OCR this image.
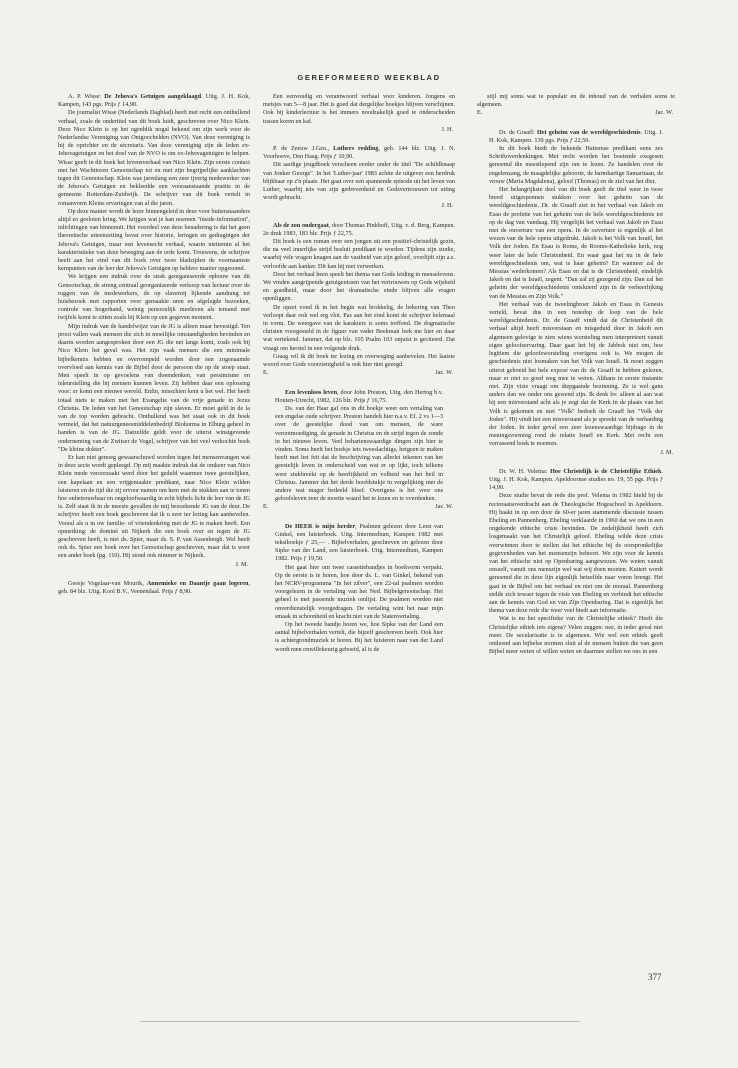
GEREFORMEERD WEEKBLAD

A. P. Wisse: De Jehova's Getuigen aangeklaagd. Uitg. J. H. Kok, Kampen, 143 pgs. Prijs ƒ 14,90.

De journalist Wisse (Nederlands Dagblad) heeft met recht een onthullend verhaal, zoals de ondertitel van dit boek luidt, geschreven over Nico Klein. Deze Nico Klein is op het ogenblik nogal bekend om zijn werk voor de Nederlandse Vereniging van Ontgoochelden (NVO). Van deze vereniging is hij de oprichter en de secretaris. Van deze vereniging zijn de leden ex-Jehovagetuigen en het doel van de NVO is om ex-Jehovagetuigen te helpen. Wisse geeft in dit boek het levensverhaal van Nico Klein. Zijn eerste contact met het Wachttoren Genootschap tot en met zijn begrijpelijke aanklachten tegen dit Genootschap. Klein was jarenlang een zeer ijverig medewerker van de Jehova's Getuigen en bekleedde een vooraanstaande positie in de gemeente Rotterdam-Zuidwijk. De schrijver van dit boek vertelt in romanvorm Kleins ervaringen van al die jaren.

Op deze manier wordt de lezer binnengeleid in deze voor buitenstaanders altijd zo gesloten kring. We krijgen wat je kan noemen "inside-information", inlichtingen van binnenuit. Het voordeel van deze benadering is dat het geen theoretische uiteenzetting bevat over historie, leringen en gedragingen der Jehova's Getuigen, maar een levensecht verhaal, waarin niettemin al het karakteristieke van deze beweging aan de orde komt. Trouwens, de schrijver heeft aan het eind van dit boek over twee bladzijden de voornaamste kernpunten van de leer der Jehova's Getuigen op heldere manier opgesomd.

We krijgen een indruk over de strak georganiseerde opbouw van dit Genootschap, de streng centraal georganiseerde verkoop van lectuur over de ruggen van de medewerkers, de op slavernij lijkende aandrang tot huisbezoek met rapporten over gemaakte uren en afgelegde bezoeken, controle van hogerhand, weinig persoonlijk meeleven als iemand met twijfels komt te zitten zoals bij Klein op een gegeven moment.

Mijn indruk van de handelwijze van de JG is alleen maar bevestigd. Ten prooi vallen vaak mensen die zich in moeilijke omstandigheden bevinden en daarin worden aangesproken door een JG die net langs komt, zoals ook bij Nico Klein het geval was. Het zijn vaak mensen die een minimale bijbelkennis hebben en overrompeld worden door een zogenaamde overvloed aan kennis van de Bijbel door de persoon die op de stoep staat. Men speelt in op gevoelens van doemdenken, van pessimisme en teleurstelling die bij mensen kunnen leven. Zij hebben daar een oplossing voor: er komt een nieuwe wereld. Enfin, misschien kent u het wel. Het heeft totaal niets te maken met het Evangelie van de vrije genade in Jezus Christus. De leden van het Genootschap zijn slaven. Er moet geld in de la van de top worden gebracht. Onthullend was het staat ook in dit boek vermeld, dat het natuurgeneesmiddelenbedrijf Biohorma in Elburg geheel in handen is van de JG. Datzelfde geldt voor de uiterst winstgevende onderneming van de Zwitser de Vogel, schrijver van het veel verkochte boek "De kleine dokter".

Er kan niet genoeg gewaarschuwd worden tegen het mensenvangen wat in deze secte wordt gepleegd. Op mij maakte indruk dat de omkeer van Nico Klein mede veroorzaakt werd door het geduld waarmee twee geestelijken, een kapelaan en een vrijgemaakte predikant, naar Nico Klein wilden luisteren en de tijd die zij ervoor namen om hem met de stukken aan te tonen hoe onbetrouwbaar en ongeloofwaardig in echt bijbels licht de leer van de JG is. Zelf staat ik in de meeste gevallen de mij bezoekende JG van de deur. De schrijver heeft een boek geschreven dat ik u zeer ter lezing kan aanbevelen. Vooral als u in uw familie- of vriendenkring met de JG te maken heeft. Een opmerking: de dominé uit Nijkerk die een boek over en tegen de JG geschreven heeft, is niet ds. Spier, maar ds. S. P. van Assenbergh. Wel heeft ook ds. Spier een boek over het Genootschap geschreven, maar dat is weer een ander boek (pg. 110). Hij stond ook nimmer te Nijkerk.

J. M.

Geesje Vogelaar-van Mourik, Annemieke en Daantje gaan logeren, geb. 84 blz. Uitg. Kool B.V., Veenendaal. Prijs ƒ 8,90.

Een eenvoudig en verantwoord verhaal voor kinderen. Jongens en meisjes van 5—8 jaar. Het is goed dat dergelijke boekjes blijven verschijnen. Ook bij kinderlectuur is het immers noodzakelijk goed te onderscheiden tussen koren en kaf.

J. H.

P. de Zeeuw J.Gzn., Luthers redding, geb. 144 blz. Uitg. J. N. Voorhoeve, Den Haag. Prijs ƒ 10,90.

Dit aardige jeugdboek verscheen eerder onder de titel "De schildknaap van Jonker George". In het 'Luther-jaar' 1983 achtte de uitgever een herdruk blijkbaar op z'n plaats. Het gaat over een spannende episode uit het leven van Luther, waarbij iets van zijn gedrevenheid en Godsvertrouwen tot uiting wordt gebracht.

J. H.

Als de zon ondergaat, door Thomas Pinkhoff, Uitg. v. d. Berg, Kampen. 2e druk 1983, 183 blz. Prijs ƒ 22,75.

Dit boek is een roman over een jongen uit een positief-christelijk gezin, die na veel innerlijke strijd besluit predikant te worden. Tijdens zijn studie, waarbij vele vragen knagen aan de vastheid van zijn geloof, overlijdt zijn a.s. verloofde aan kanker. Dit kan hij niet verwerken.

Door het verhaal heen speelt het thema van Gods leiding in menselevens. We vinden aangrijpende getuigenissen van het vertrouwen op Gods wijsheid en goedheid, maar door het dramatische einde blijven alle vragen openliggen.

De opzet vond ik in het begin wat brokkelig, de bekering van Theo verloopt daar ook wel erg vlot. Pas aan het eind komt de schrijver helemaal in vorm. De weergave van de karakters is soms treffend. De dogmatische christen voorgesteld in de figuur van vader Beekman leek me hier en daar wat vertekend. Jammer, dat op blz. 105 Psalm 103 onjuist is geciteerd. Dat vraagt om herstel in een volgende druk.

Graag wil ik dit boek ter lezing en overweging aanbevelen. Het laatste woord over Gods voorzienigheid is ook hier niet gezegd.

E.	Jac. W.

Een levenloos leven, door John Preston, Uitg. den Hertog b.v. Houten-Utrecht, 1982, 126 blz. Prijs ƒ 16,75.

Ds. van der Haar gaf ons in dit boekje weer een vertaling van een engelse oude schrijver. Preston handelt hier n.a.v. Ef. 2 vs 1—3 over de geestelijke dood van om mensen, de ware verootmoediging, de genade in Christus en de strijd tegen de zonde in het nieuwe leven. Veel behartenswaardige dingen zijn hier te vinden. Soms heeft het boekje iets tweeslachtigs, hetgeen te maken heeft met het feit dat de beschrijving van allerlei tekenen van het geestelijk leven in onderscheid van wat er op lijkt, toch telkens weer stukbreekt op de heerlijkheid en volheid van het heil in Christus. Jammer dat het derde hoofdstukje in vergelijking met de andere wat mager bedeeld bleef. Overigens is het voor ons geloofsleven zeer de moeite waard het te lezen en te overdenken.

E.	Jac. W.

De HEER is mijn herder, Psalmen gelezen door Leen van Ginkel, een luisterboek. Uitg. Intermedium, Kampen 1982 met tekstboekje ƒ 25,— . Bijbelverhalen, geschreven en gelezen door Sipke van der Land, een luisterboek. Uitg. Intermedium, Kampen 1982. Prijs ƒ 19,50.

Het gaat hier om twee cassettebandjes in boekvorm verpakt. Op de eerste is te horen, hoe door ds. L. van Ginkel, bekend van het NCRV-programma "In het zilver", een 22-tal psalmen worden voorgelezen in de vertaling van het Ned. Bijbelgenootschap. Het geheel is met passende muziek omlijst. De psalmen worden niet onverdienstelijk voorgedragen. De vertaling wint het naar mijn smaak in schoonheid en kracht niet van de Statenvertaling.

Op het tweede bandje horen we, hoe Sipke van der Land een aantal bijbelverhalen vertelt, die hijzelf geschreven heeft. Ook hier is achtergrondmuziek te horen. Bij het luisteren naar van der Land wordt men onwillekeurig geboeid, al is de

stijl mij soms wat te populair en de inhoud van de verhalen soms te algemeen.

E.	Jac. W.

Dr. de Graaff: Het geheim van de wereldgeschiedenis. Uitg. J. H. Kok, Kampen. 139 pgs. Prijs ƒ 22,50.

In dit boek biedt de bekende Hattemse predikant eens zes Schriftoverdenkingen. Met recht worden het boeiende exegesen genoemd die meestlepend zijn om te lezen. Ze handelen over de engelenzang, de maagdelijke geboorte, de barmhartige Samaritaan, de vrouw (Maria Magdalena), geloof (Thomas) en de ziel van het dier.

Het belangrijkste deel van dit boek geeft de titel weer in twee breed uitgesponnen stukken over het geheim van de wereldgeschiedenis. Dr. de Graaff ziet in het verhaal van Jakob en Esau de profetie van het geheim van de hele wereldgeschiedenis tot op de dag van vandaag. Hij vergelijkt het verhaal van Jakob en Esau met de ouverture van een opera. In de ouverture is eigenlijk al het wezen van de hele opera uitgedrukt. Jakob is het Volk van Israël, het Volk der Joden. En Esau is Rome, de Rooms-Katholieke kerk, nog weer later de hele Christenheid. En waar gaat het nu in de hele wereldgeschiedenis om, wat is haar geheim? En wanneer zal de Messias wederkomen? Als Esau en dat is de Christenheid, eindelijk Jakob en dat is Israël, zegent. "Dan zal zij gezegend zijn. Dan zal het geheim der wereldgeschiedenis ontsluierd zijn in de verheerlijking van de Messias en Zijn Volk."

Het verhaal van de tweelingbroer Jakob en Esau in Genesis verteld, bevat dus in een notedop de loop van de hele wereldgeschiedenis. Dr. de Graaff vindt dat de Christenheid dit verhaal altijd heeft misverstaan en misgeduid door in Jakob een algemeen gelovige te zien wiens worsteling men interpreteert vanuit eigen geloofservaring. Daar gaat het bij de Jabbok niet om, hoe legitiem die geloofsworsteling overigens ook is. We mogen de geschiedenis niet losmaken van het Volk van Israël. Ik moet zeggen uiterst geboeid het hele exposé van dr. de Graaff te hebben gelezen, maar er niet zo goed weg mee te weten. Althans in eerste instantie niet. Zijn visie vraagt om diepgaande bezinning. Ze is wel gans anders dan we onder ons gewend zijn. Ik denk bv. alleen al aan wat hij een misverstand acht als je zegt dat de Kerk in de plaats van het Volk is gekomen en met "Volk" bedoelt de Graaff het "Volk der Joden". Hij vindt het een misverstand als je spreekt van de verharding der Joden. In ieder geval een zeer lezenswaardige bijdrage in de meningsvorming rond de relatie Israël en Kerk. Met recht een verrassend boek te noemen.

J. M.

Dr. W. H. Velema: Hoe Christelijk is de Christelijke Ethiek. Uitg. J. H. Kok, Kampen. Apeldoornse studies no. 19, 55 pgs. Prijs ƒ 14,90.

Deze studie bevat de rede die prof. Velema in 1982 hield bij de rectoraatsoverdracht aan de Theologische Hogeschool in Apeldoorn. Hij haakt in op een door de 60-er jaren stammende discussie tussen Ebeling en Pannenberg. Ebeling verklaarde in 1960 dat we ons in een ongekende ethische crisis bevinden. De zedelijkheid heeft zich losgemaakt van het Christelijk geloof. Ebeling wilde deze crisis overwinnen door te stellen dat het ethische bij de oorspronkelijke gegevenheden van het mensenzijn behoort. We zijn voor de kennis van het ethische niet op Openbaring aangewezen. We weten vanuit onszelf, vanuit ons menszijn wel wat wij doen moeten. Kuitert wordt genoemd die in deze lijn eigenlijk hetzelfde naar voren brengt. Het gaat in de Bijbel om het verhaal en niet om de moraal. Pannenberg stelde zich tewaer tegen de visie van Ebeling en verbindt het ethische aan de kennis van God en van Zijn Openbaring. Dat is eigenlijk het thema van deze rede die weer veel biedt aan informatie.

Wat is nu het specifieke van de Christelijke ethiek? Heeft die Christelijke ethiek iets eigens? Velen zeggen: nee, in ieder geval niet meer. De secularisatie is te algemeen. Wie wel een ethiek geeft ontleend aan bijbelse normen sluit al de mensen buiten die van geen Bijbel meer weten of willen weten en daarmee stellen we ons in een

377
